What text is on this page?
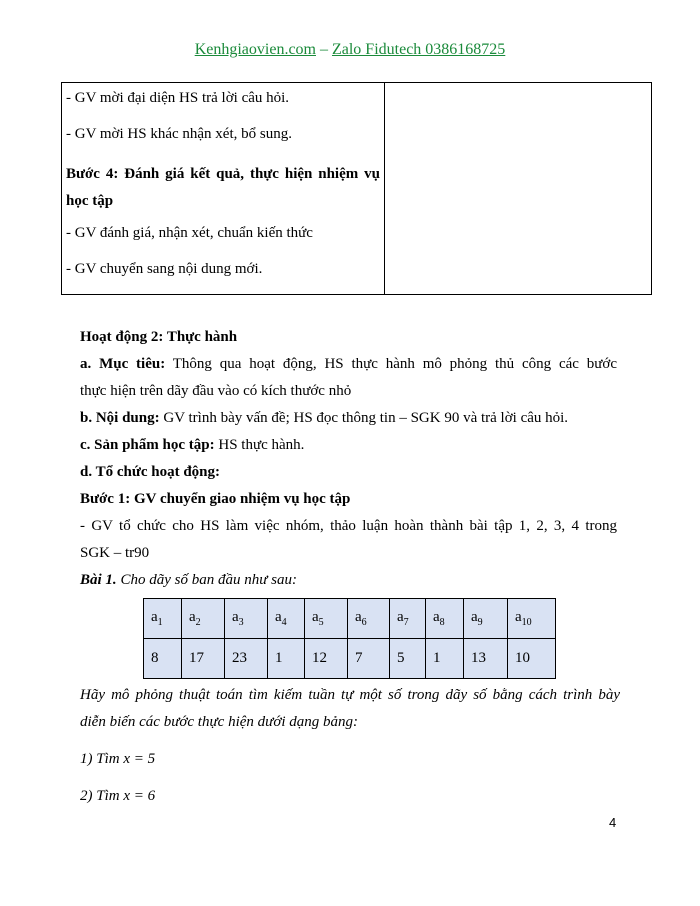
Kenhgiaovien.com – Zalo Fidutech 0386168725

- GV mời đại diện HS trả lời câu hỏi.

- GV mời HS khác nhận xét, bổ sung.

Bước 4: Đánh giá kết quả, thực hiện nhiệm vụ học tập

- GV đánh giá, nhận xét, chuẩn kiến thức

- GV chuyển sang nội dung mới.

Hoạt động 2: Thực hành

a. Mục tiêu: Thông qua hoạt động, HS thực hành mô phỏng thủ công các bước

thực hiện trên dãy đầu vào có kích thước nhỏ

b. Nội dung: GV trình bày vấn đề; HS đọc thông tin – SGK 90 và trả lời câu hỏi.

c. Sản phẩm học tập: HS thực hành.

d. Tổ chức hoạt động:

Bước 1: GV chuyển giao nhiệm vụ học tập

- GV tổ chức cho HS làm việc nhóm, thảo luận hoàn thành bài tập 1, 2, 3, 4 trong

SGK – tr90

Bài 1. Cho dãy số ban đầu như sau:

$a_1$	$a_2$	$a_3$	$a_4$	$a_5$	$a_6$	$a_7$	$a_8$	$a_9$	$a_{10}$
8	17	23	1	12	7	5	1	13	10

Hãy mô phỏng thuật toán tìm kiếm tuần tự một số trong dãy số bằng cách trình bày

diễn biến các bước thực hiện dưới dạng bảng:

1) Tìm x = 5

2) Tìm x = 6

4
